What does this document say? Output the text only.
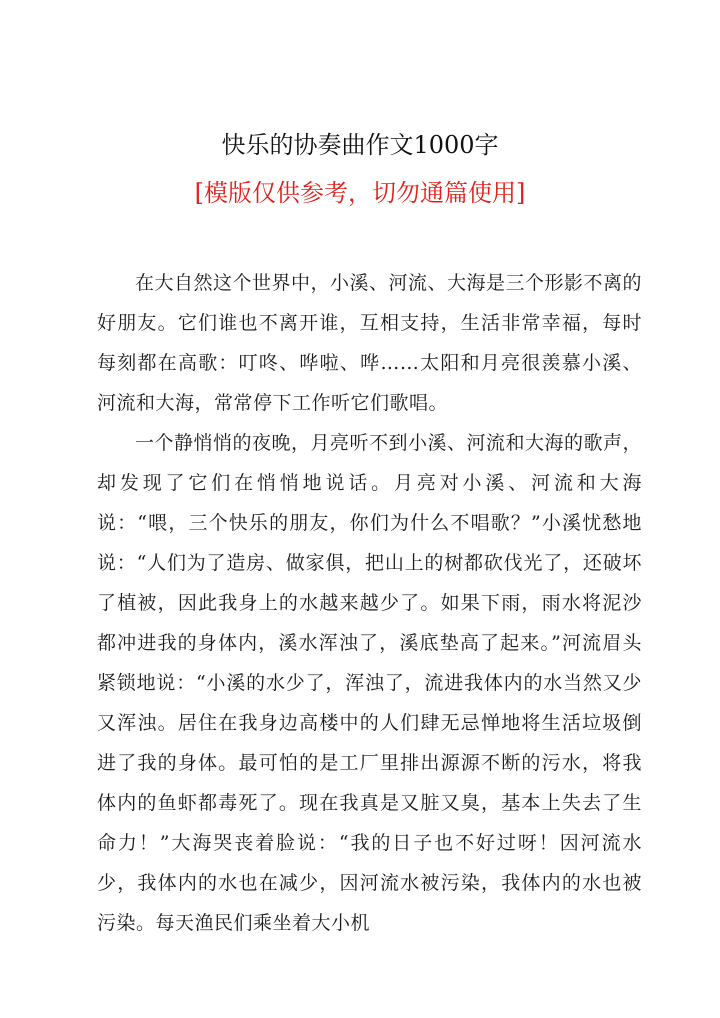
快乐的协奏曲作文1000字
[模版仅供参考，切勿通篇使用]

在大自然这个世界中，小溪、河流、大海是三个形影不离的好朋友。它们谁也不离开谁，互相支持，生活非常幸福，每时每刻都在高歌：叮咚、哗啦、哗……太阳和月亮很羡慕小溪、河流和大海，常常停下工作听它们歌唱。

一个静悄悄的夜晚，月亮听不到小溪、河流和大海的歌声，却发现了它们在悄悄地说话。月亮对小溪、河流和大海说：“喂，三个快乐的朋友，你们为什么不唱歌？”小溪忧愁地说：“人们为了造房、做家俱，把山上的树都砍伐光了，还破坏了植被，因此我身上的水越来越少了。如果下雨，雨水将泥沙都冲进我的身体内，溪水浑浊了，溪底垫高了起来。”河流眉头紧锁地说：“小溪的水少了，浑浊了，流进我体内的水当然又少又浑浊。居住在我身边高楼中的人们肆无忌惮地将生活垃圾倒进了我的身体。最可怕的是工厂里排出源源不断的污水，将我体内的鱼虾都毒死了。现在我真是又脏又臭，基本上失去了生命力！”大海哭丧着脸说：“我的日子也不好过呀！因河流水少，我体内的水也在减少，因河流水被污染，我体内的水也被污染。每天渔民们乘坐着大小机
